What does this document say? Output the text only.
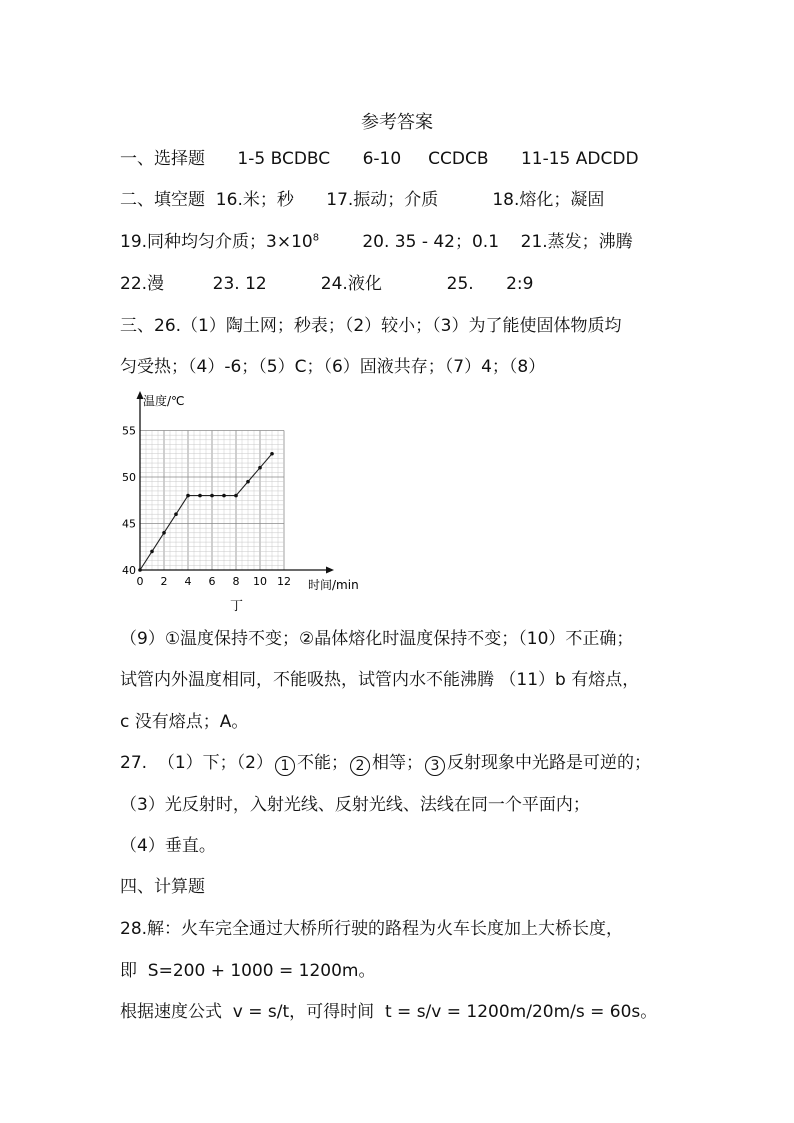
参考答案
一、选择题      1-5 BCDBC      6-10     CCDCB      11-15 ADCDD
二、填空题  16.米；秒      17.振动；介质          18.熔化；凝固
19.同种均匀介质；$3\times 10^8$        20. 35 - 42；0.1    21.蒸发；沸腾
22.漫         23. 12          24.液化            25.      2:9
三、26.（1）陶土网；秒表；（2）较小；（3）为了能使固体物质均
匀受热；（4）-6；（5）C；（6）固液共存；（7）4；（8）
0 2 4 6 8 10 12
40
45
50
55
温度/℃
时间/min
丁
（9）①温度保持不变；②晶体熔化时温度保持不变；（10）不正确；
试管内外温度相同，不能吸热，试管内水不能沸腾 （11）b 有熔点，
c 没有熔点；A。
27.  （1）下；（2） 1 不能； 2 相等； 3 反射现象中光路是可逆的；
（3）光反射时，入射光线、反射光线、法线在同一个平面内；
（4）垂直。
四、计算题
28.解：火车完全通过大桥所行驶的路程为火车长度加上大桥长度，
即  S=200 + 1000 = 1200m。
根据速度公式  v = s/t，可得时间  t = s/v = 1200m/20m/s = 60s。
